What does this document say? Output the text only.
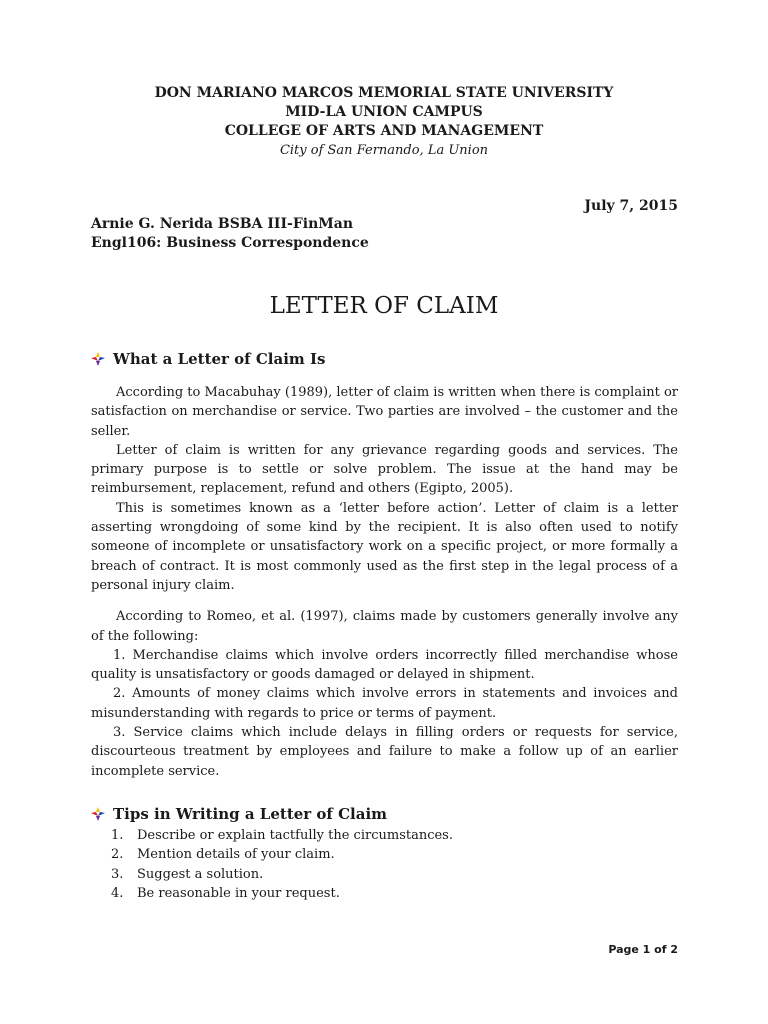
DON MARIANO MARCOS MEMORIAL STATE UNIVERSITY
MID-LA UNION CAMPUS
COLLEGE OF ARTS AND MANAGEMENT
City of San Fernando, La Union
July 7, 2015
Arnie G. Nerida BSBA III-FinMan
Engl106: Business Correspondence
LETTER OF CLAIM
What a Letter of Claim Is

According to Macabuhay (1989), letter of claim is written when there is complaint or satisfaction on merchandise or service. Two parties are involved – the customer and the seller.

Letter of claim is written for any grievance regarding goods and services. The primary purpose is to settle or solve problem. The issue at the hand may be reimbursement, replacement, refund and others (Egipto, 2005).

This is sometimes known as a ‘letter before action’. Letter of claim is a letter asserting wrongdoing of some kind by the recipient. It is also often used to notify someone of incomplete or unsatisfactory work on a specific project, or more formally a breach of contract. It is most commonly used as the first step in the legal process of a personal injury claim.

According to Romeo, et al. (1997), claims made by customers generally involve any of the following:

1. Merchandise claims which involve orders incorrectly filled merchandise whose quality is unsatisfactory or goods damaged or delayed in shipment.

2. Amounts of money claims which involve errors in statements and invoices and misunderstanding with regards to price or terms of payment.

3. Service claims which include delays in filling orders or requests for service, discourteous treatment by employees and failure to make a follow up of an earlier incomplete service.

Tips in Writing a Letter of Claim
1.	Describe or explain tactfully the circumstances.
2.	Mention details of your claim.
3.	Suggest a solution.
4.	Be reasonable in your request.
Page 1 of 2
